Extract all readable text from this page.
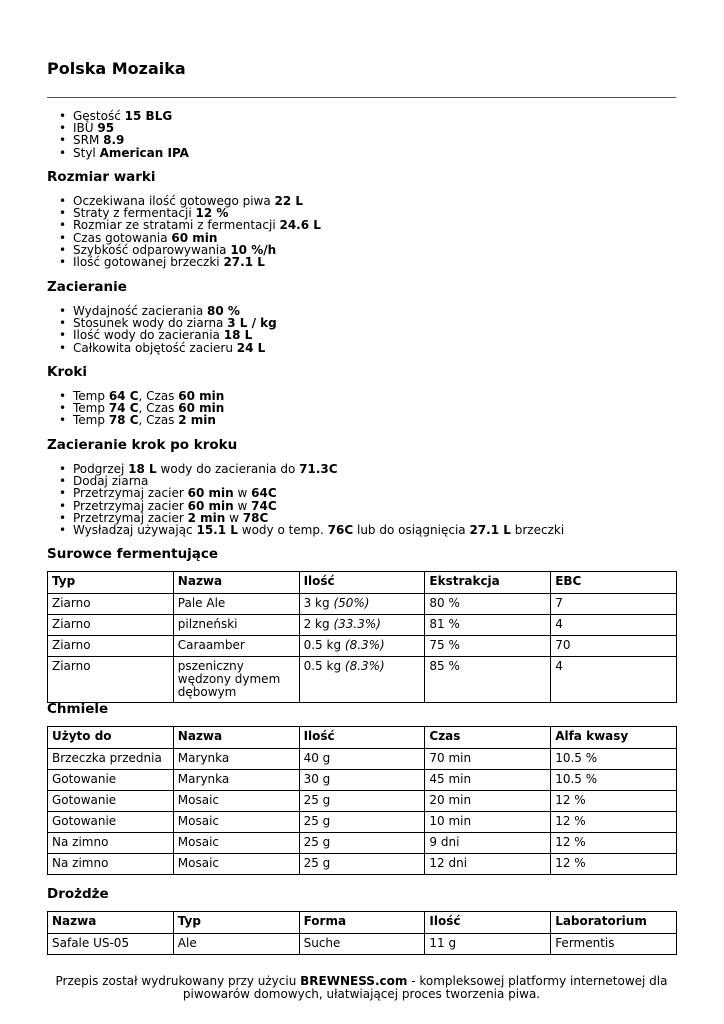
Polska Mozaika
• Gęstość 15 BLG
• IBU 95
• SRM 8.9
• Styl American IPA
Rozmiar warki
• Oczekiwana ilość gotowego piwa 22 L
• Straty z fermentacji 12 %
• Rozmiar ze stratami z fermentacji 24.6 L
• Czas gotowania 60 min
• Szybkość odparowywania 10 %/h
• Ilość gotowanej brzeczki 27.1 L
Zacieranie
• Wydajność zacierania 80 %
• Stosunek wody do ziarna 3 L / kg
• Ilość wody do zacierania 18 L
• Całkowita objętość zacieru 24 L
Kroki
• Temp 64 C, Czas 60 min
• Temp 74 C, Czas 60 min
• Temp 78 C, Czas 2 min
Zacieranie krok po kroku
• Podgrzej 18 L wody do zacierania do 71.3C
• Dodaj ziarna
• Przetrzymaj zacier 60 min w 64C
• Przetrzymaj zacier 60 min w 74C
• Przetrzymaj zacier 2 min w 78C
• Wysładzaj używając 15.1 L wody o temp. 76C lub do osiągnięcia 27.1 L brzeczki
Surowce fermentujące
Typ	Nazwa	Ilość	Ekstrakcja	EBC
Ziarno	Pale Ale	3 kg (50%)	80 %	7
Ziarno	pilzneński	2 kg (33.3%)	81 %	4
Ziarno	Caraamber	0.5 kg (8.3%)	75 %	70
Ziarno	pszeniczny wędzony dymem dębowym	0.5 kg (8.3%)	85 %	4
Chmiele
Użyto do	Nazwa	Ilość	Czas	Alfa kwasy
Brzeczka przednia	Marynka	40 g	70 min	10.5 %
Gotowanie	Marynka	30 g	45 min	10.5 %
Gotowanie	Mosaic	25 g	20 min	12 %
Gotowanie	Mosaic	25 g	10 min	12 %
Na zimno	Mosaic	25 g	9 dni	12 %
Na zimno	Mosaic	25 g	12 dni	12 %
Drożdże
Nazwa	Typ	Forma	Ilość	Laboratorium
Safale US-05	Ale	Suche	11 g	Fermentis
Przepis został wydrukowany przy użyciu BREWNESS.com - kompleksowej platformy internetowej dla piwowarów domowych, ułatwiającej proces tworzenia piwa.
